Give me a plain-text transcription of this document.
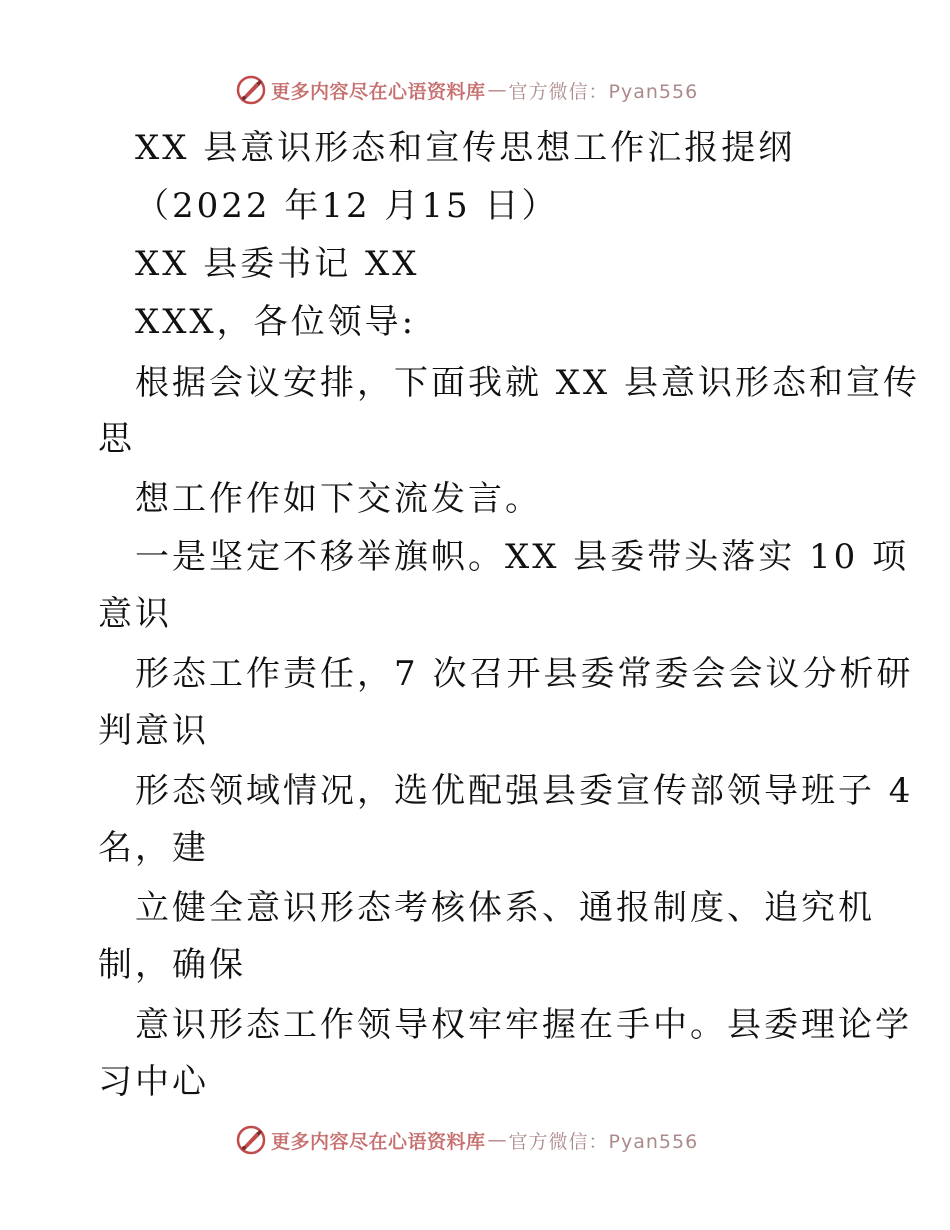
更多内容尽在心语资料库 — 官方微信：Pyan556

XX 县意识形态和宣传思想工作汇报提纲

（2022 年12 月15 日）

XX 县委书记 XX

XXX，各位领导:

根据会议安排，下面我就 XX 县意识形态和宣传

思

想工作作如下交流发言。

一是坚定不移举旗帜。XX 县委带头落实 10 项

意识

形态工作责任，7 次召开县委常委会会议分析研

判意识

形态领域情况，选优配强县委宣传部领导班子 4

名，建

立健全意识形态考核体系、通报制度、追究机

制，确保

意识形态工作领导权牢牢握在手中。县委理论学

习中心

更多内容尽在心语资料库 — 官方微信：Pyan556
